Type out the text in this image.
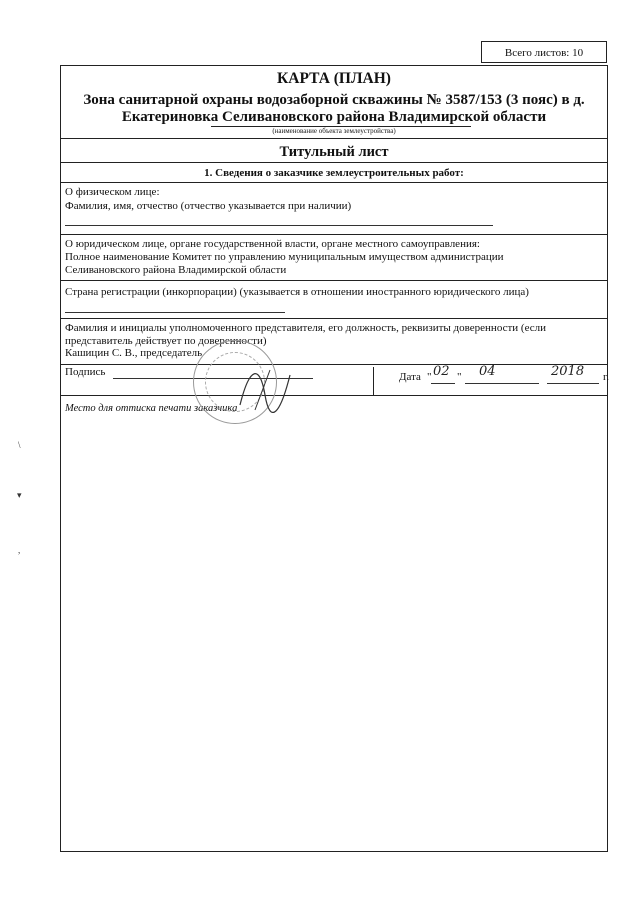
Всего листов: 10
КАРТА (ПЛАН)
Зона санитарной охраны водозаборной скважины № 3587/153 (3 пояс) в д. Екатериновка Селивановского района Владимирской области
(наименование объекта землеустройства)
Титульный лист
1. Сведения о заказчике землеустроительных работ:
О физическом лице:
Фамилия, имя, отчество (отчество указывается при наличии)
О юридическом лице, органе государственной власти, органе местного самоуправления:
Полное наименование Комитет по управлению муниципальным имуществом администрации Селивановского района Владимирской области
Страна регистрации (инкорпорации) (указывается в отношении иностранного юридического лица)
Фамилия и инициалы уполномоченного представителя, его должность, реквизиты доверенности (если представитель действует по доверенности)
Кашицин С. В., председатель
Подпись	Дата " 02 " 04	2018 г.
Место для оттиска печати заказчика
\
▾
,
